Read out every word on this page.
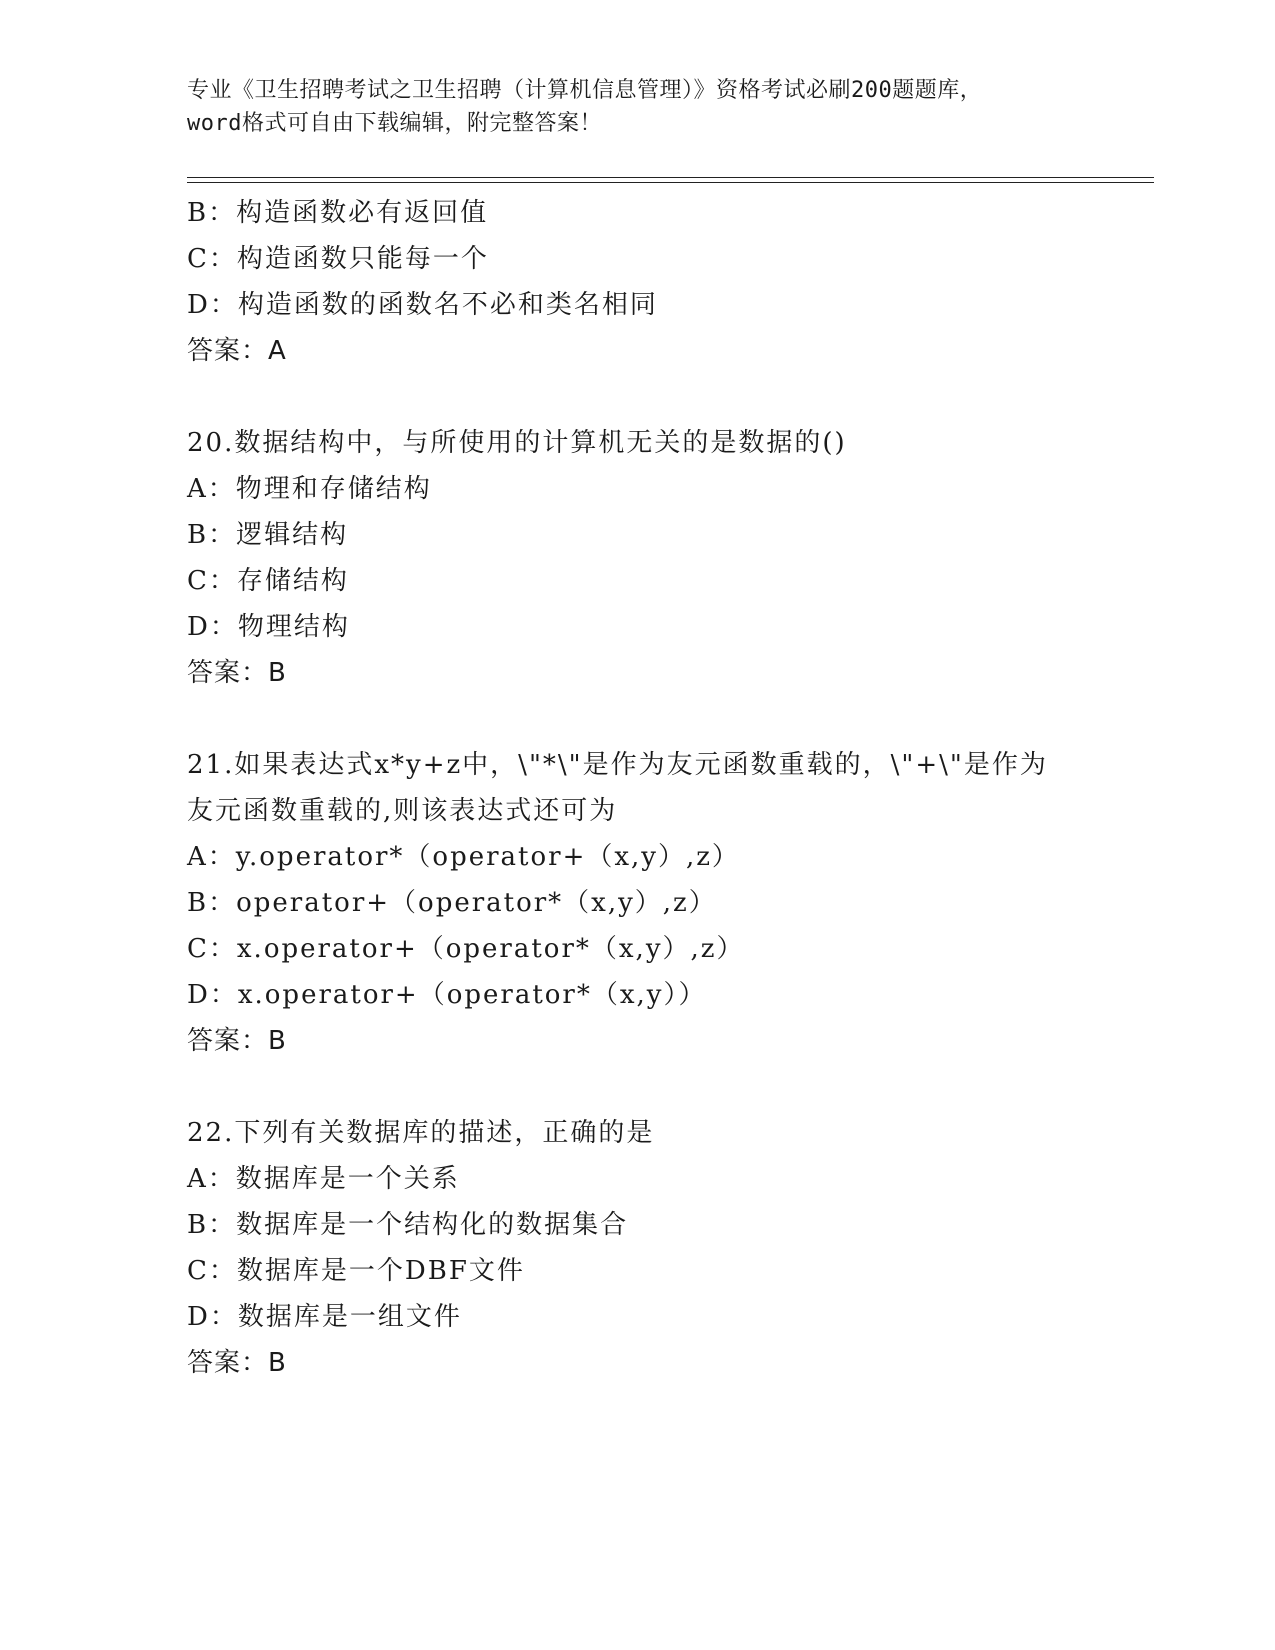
专业《卫生招聘考试之卫生招聘（计算机信息管理）》资格考试必刷200题题库，
word格式可自由下载编辑，附完整答案！
B：构造函数必有返回值
C：构造函数只能每一个
D：构造函数的函数名不必和类名相同
答案：A
20.数据结构中，与所使用的计算机无关的是数据的()
A：物理和存储结构
B：逻辑结构
C：存储结构
D：物理结构
答案：B
21.如果表达式x*y+z中，\"*\"是作为友元函数重载的，\"+\"是作为
友元函数重载的,则该表达式还可为
A：y.operator*（operator+（x,y）,z）
B：operator+（operator*（x,y）,z）
C：x.operator+（operator*（x,y）,z）
D：x.operator+（operator*（x,y））
答案：B
22.下列有关数据库的描述，正确的是
A：数据库是一个关系
B：数据库是一个结构化的数据集合
C：数据库是一个DBF文件
D：数据库是一组文件
答案：B
